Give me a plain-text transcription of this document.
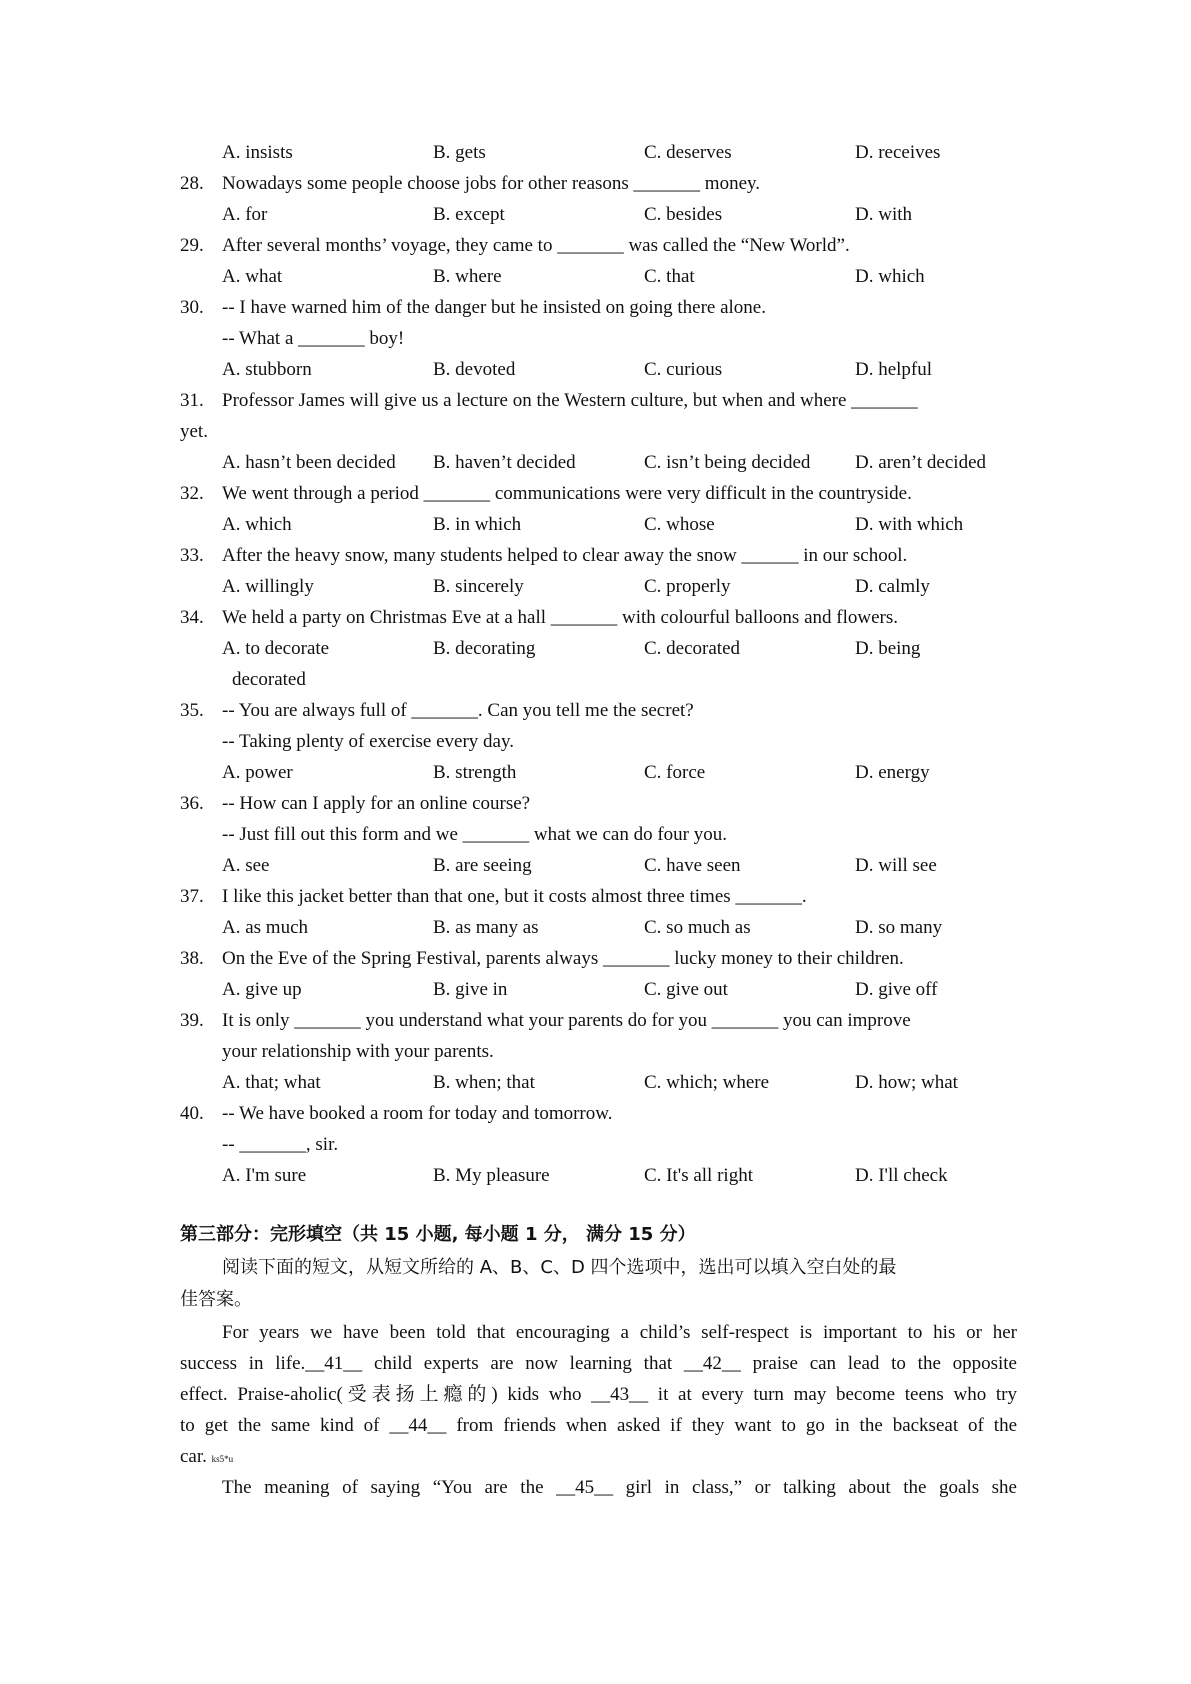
A. insists	B. gets	C. deserves	D. receives
28. Nowadays some people choose jobs for other reasons _______ money.
A. for	B. except	C. besides	D. with
29. After several months’ voyage, they came to _______ was called the “New World”.
A. what	B. where	C. that	D. which
30. -- I have warned him of the danger but he insisted on going there alone.
-- What a _______ boy!
A. stubborn	B. devoted	C. curious	D. helpful
31. Professor James will give us a lecture on the Western culture, but when and where _______
yet.
A. hasn’t been decided B. haven’t decided	C. isn’t being decided D. aren’t decided
32. We went through a period _______ communications were very difficult in the countryside.
A. which	B. in which	C. whose	D. with which
33. After the heavy snow, many students helped to clear away the snow ______ in our school.
A. willingly	B. sincerely	C. properly	D. calmly
34. We held a party on Christmas Eve at a hall _______ with colourful balloons and flowers.
A. to decorate	B. decorating	C. decorated	D. being
decorated
35. -- You are always full of _______. Can you tell me the secret?
-- Taking plenty of exercise every day.
A. power	B. strength	C. force	D. energy
36. -- How can I apply for an online course?
-- Just fill out this form and we _______ what we can do four you.
A. see	B. are seeing	C. have seen	D. will see
37. I like this jacket better than that one, but it costs almost three times _______.
A. as much	B. as many as	C. so much as	D. so many
38. On the Eve of the Spring Festival, parents always _______ lucky money to their children.
A. give up	B. give in	C. give out	D. give off
39. It is only _______ you understand what your parents do for you _______ you can improve
your relationship with your parents.
A. that; what	B. when; that	C. which; where	D. how; what
40. -- We have booked a room for today and tomorrow.
-- _______, sir.
A. I'm sure	B. My pleasure	C. It's all right	D. I'll check
第三部分：完形填空（共 15 小题, 每小题 1 分， 满分 15 分）
阅读下面的短文，从短文所给的 A、B、C、D 四个选项中，选出可以填入空白处的最
佳答案。
For years we have been told that encouraging a child’s self-respect is important to his or her
success in life.__41__ child experts are now learning that __42__ praise can lead to the opposite
effect. Praise-aholic(受表扬上瘾的) kids who __43__ it at every turn may become teens who try
to get the same kind of __44__ from friends when asked if they want to go in the backseat of the
car. ks5*u
The meaning of saying “You are the __45__ girl in class,” or talking about the goals she
